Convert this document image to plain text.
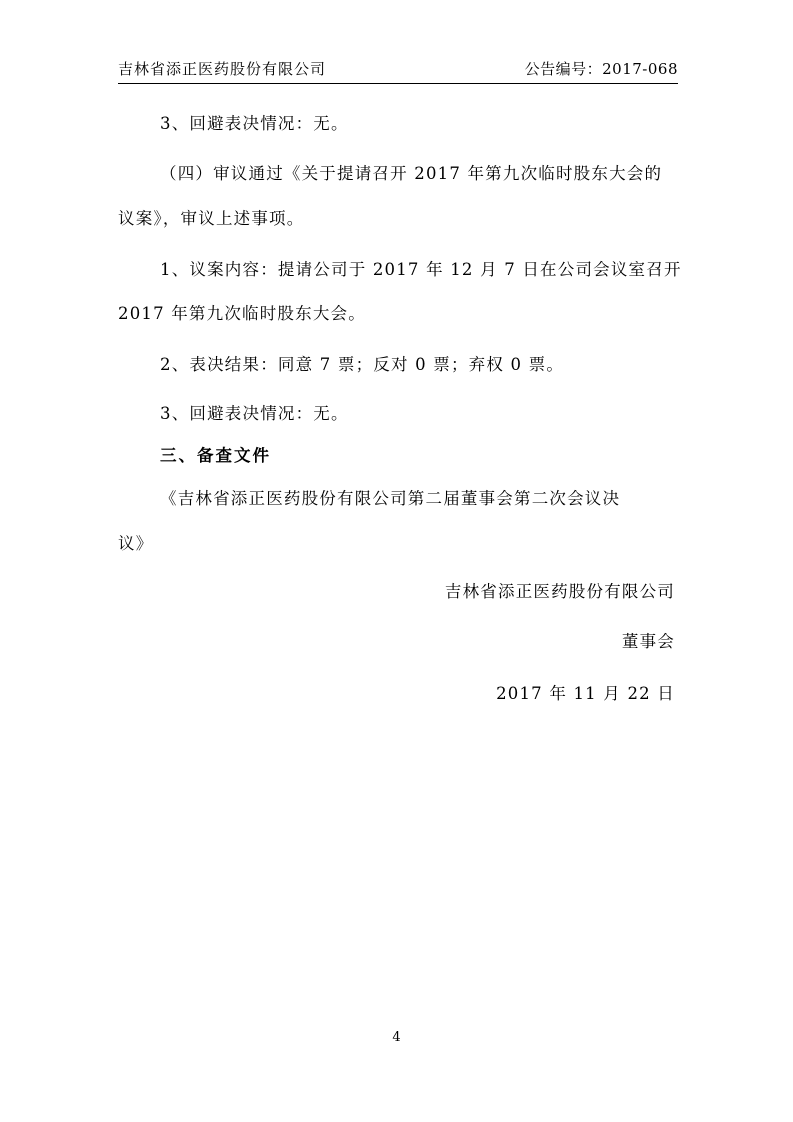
吉林省添正医药股份有限公司	公告编号：2017-068
3、回避表决情况：无。
（四）审议通过《关于提请召开 2017 年第九次临时股东大会的
议案》，审议上述事项。
1、议案内容：提请公司于 2017 年 12 月 7 日在公司会议室召开
2017 年第九次临时股东大会。
2、表决结果：同意 7 票；反对 0 票；弃权 0 票。
3、回避表决情况：无。
三、备查文件
《吉林省添正医药股份有限公司第二届董事会第二次会议决
议》
吉林省添正医药股份有限公司
董事会
2017 年 11 月 22 日
4
